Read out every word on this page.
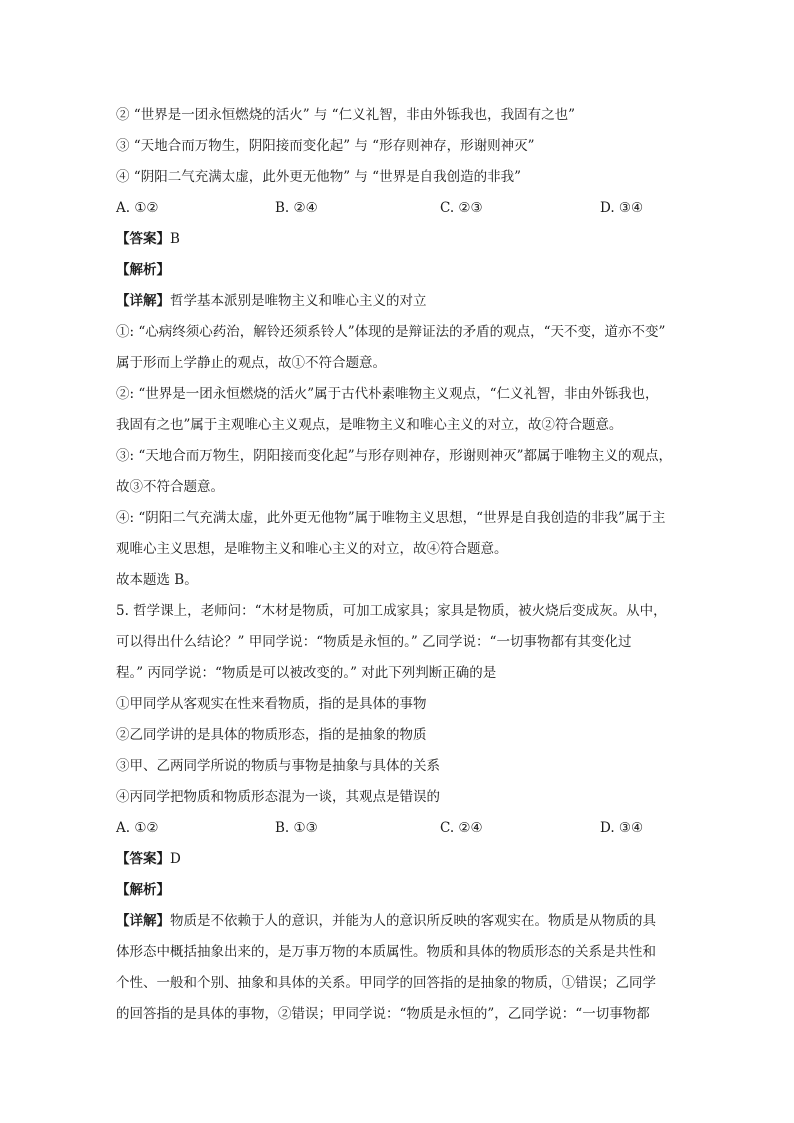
② “世界是一团永恒燃烧的活火” 与 “仁义礼智，非由外铄我也，我固有之也”
③ “天地合而万物生，阴阳接而变化起” 与 “形存则神存，形谢则神灭”
④ “阴阳二气充满太虚，此外更无他物” 与 “世界是自我创造的非我”
A. ①②	B. ②④	C. ②③	D. ③④
【答案】B
【解析】
【详解】哲学基本派别是唯物主义和唯心主义的对立
①: “心病终须心药治，解铃还须系铃人”体现的是辩证法的矛盾的观点，“天不变，道亦不变”
属于形而上学静止的观点，故①不符合题意。
②: “世界是一团永恒燃烧的活火”属于古代朴素唯物主义观点，“仁义礼智，非由外铄我也，
我固有之也”属于主观唯心主义观点，是唯物主义和唯心主义的对立，故②符合题意。
③: “天地合而万物生，阴阳接而变化起”与形存则神存，形谢则神灭”都属于唯物主义的观点，
故③不符合题意。
④: “阴阳二气充满太虚，此外更无他物”属于唯物主义思想，“世界是自我创造的非我”属于主
观唯心主义思想，是唯物主义和唯心主义的对立，故④符合题意。
故本题选 B。
5. 哲学课上，老师问：“木材是物质，可加工成家具；家具是物质，被火烧后变成灰。从中，
可以得出什么结论？” 甲同学说：“物质是永恒的。” 乙同学说：“一切事物都有其变化过
程。” 丙同学说：“物质是可以被改变的。” 对此下列判断正确的是
①甲同学从客观实在性来看物质，指的是具体的事物
②乙同学讲的是具体的物质形态，指的是抽象的物质
③甲、乙两同学所说的物质与事物是抽象与具体的关系
④丙同学把物质和物质形态混为一谈，其观点是错误的
A. ①②	B. ①③	C. ②④	D. ③④
【答案】D
【解析】
【详解】物质是不依赖于人的意识，并能为人的意识所反映的客观实在。物质是从物质的具
体形态中概括抽象出来的，是万事万物的本质属性。物质和具体的物质形态的关系是共性和
个性、一般和个别、抽象和具体的关系。甲同学的回答指的是抽象的物质，①错误；乙同学
的回答指的是具体的事物，②错误；甲同学说：“物质是永恒的”，乙同学说：“一切事物都
